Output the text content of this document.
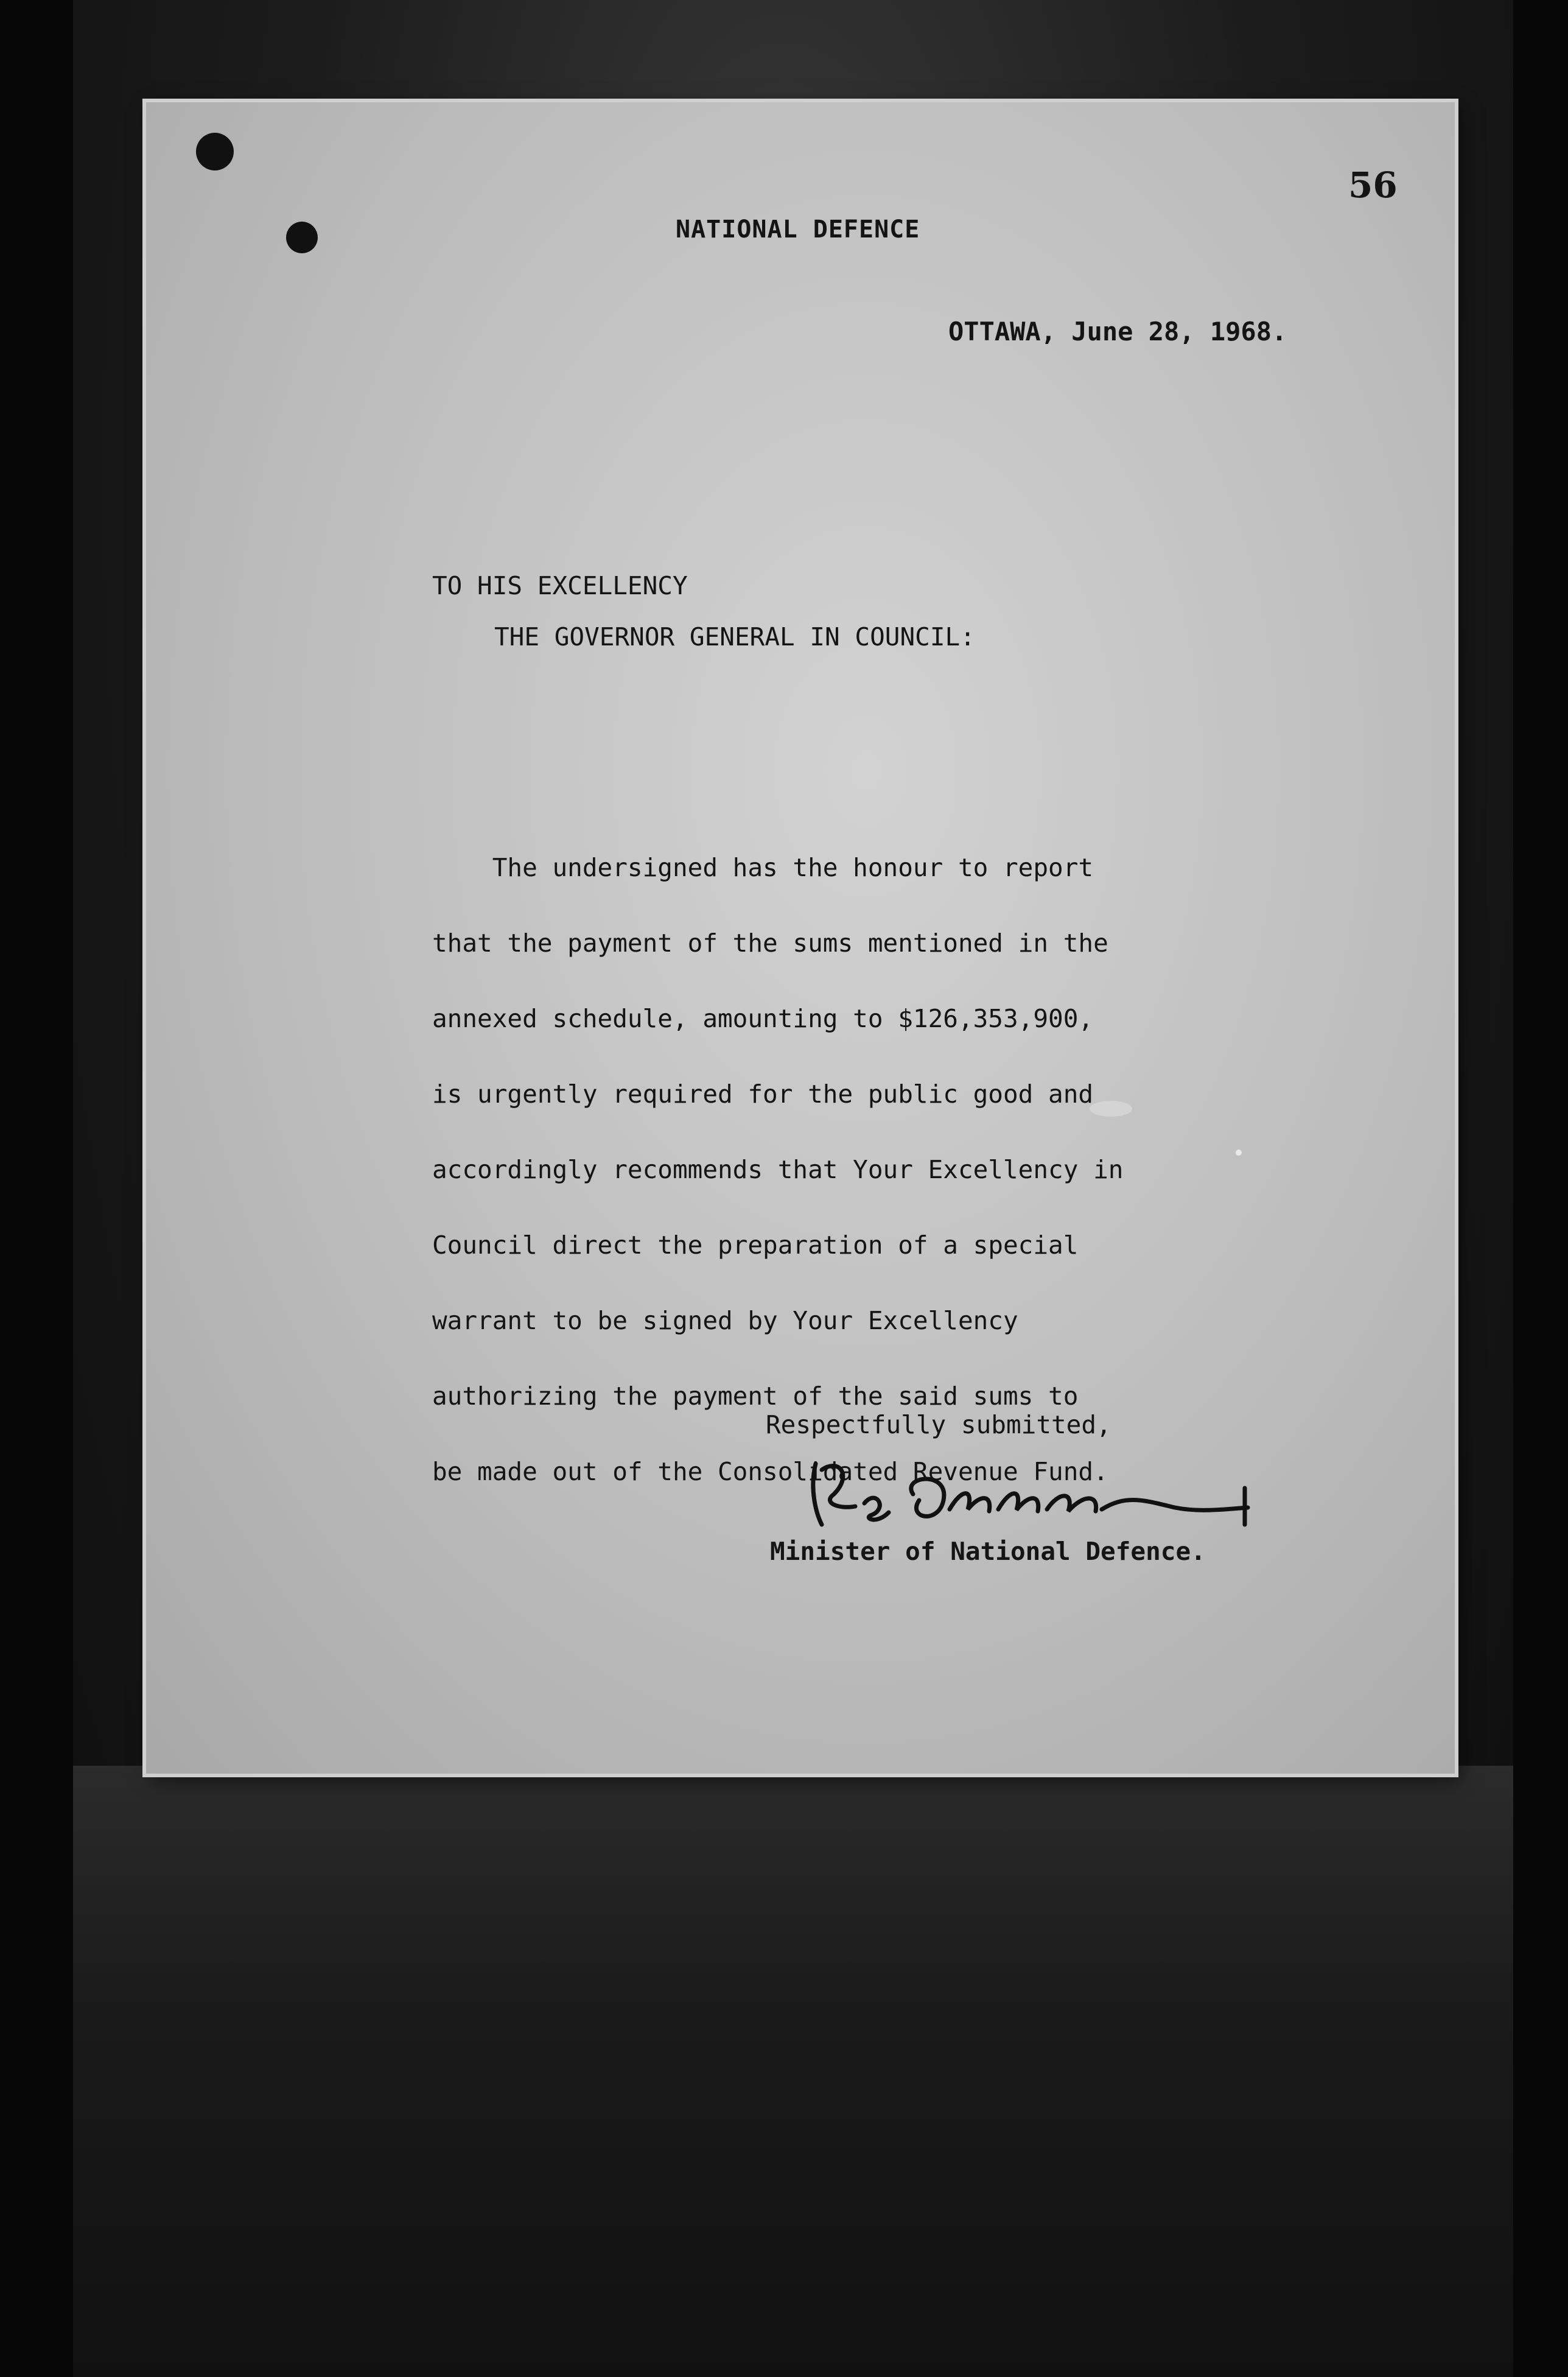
56
NATIONAL DEFENCE
OTTAWA, June 28, 1968.
TO HIS EXCELLENCY
THE GOVERNOR GENERAL IN COUNCIL:
The undersigned has the honour to report
that the payment of the sums mentioned in the
annexed schedule, amounting to $126,353,900,
is urgently required for the public good and
accordingly recommends that Your Excellency in
Council direct the preparation of a special
warrant to be signed by Your Excellency
authorizing the payment of the said sums to
be made out of the Consolidated Revenue Fund.
Respectfully submitted,
Minister of National Defence.
